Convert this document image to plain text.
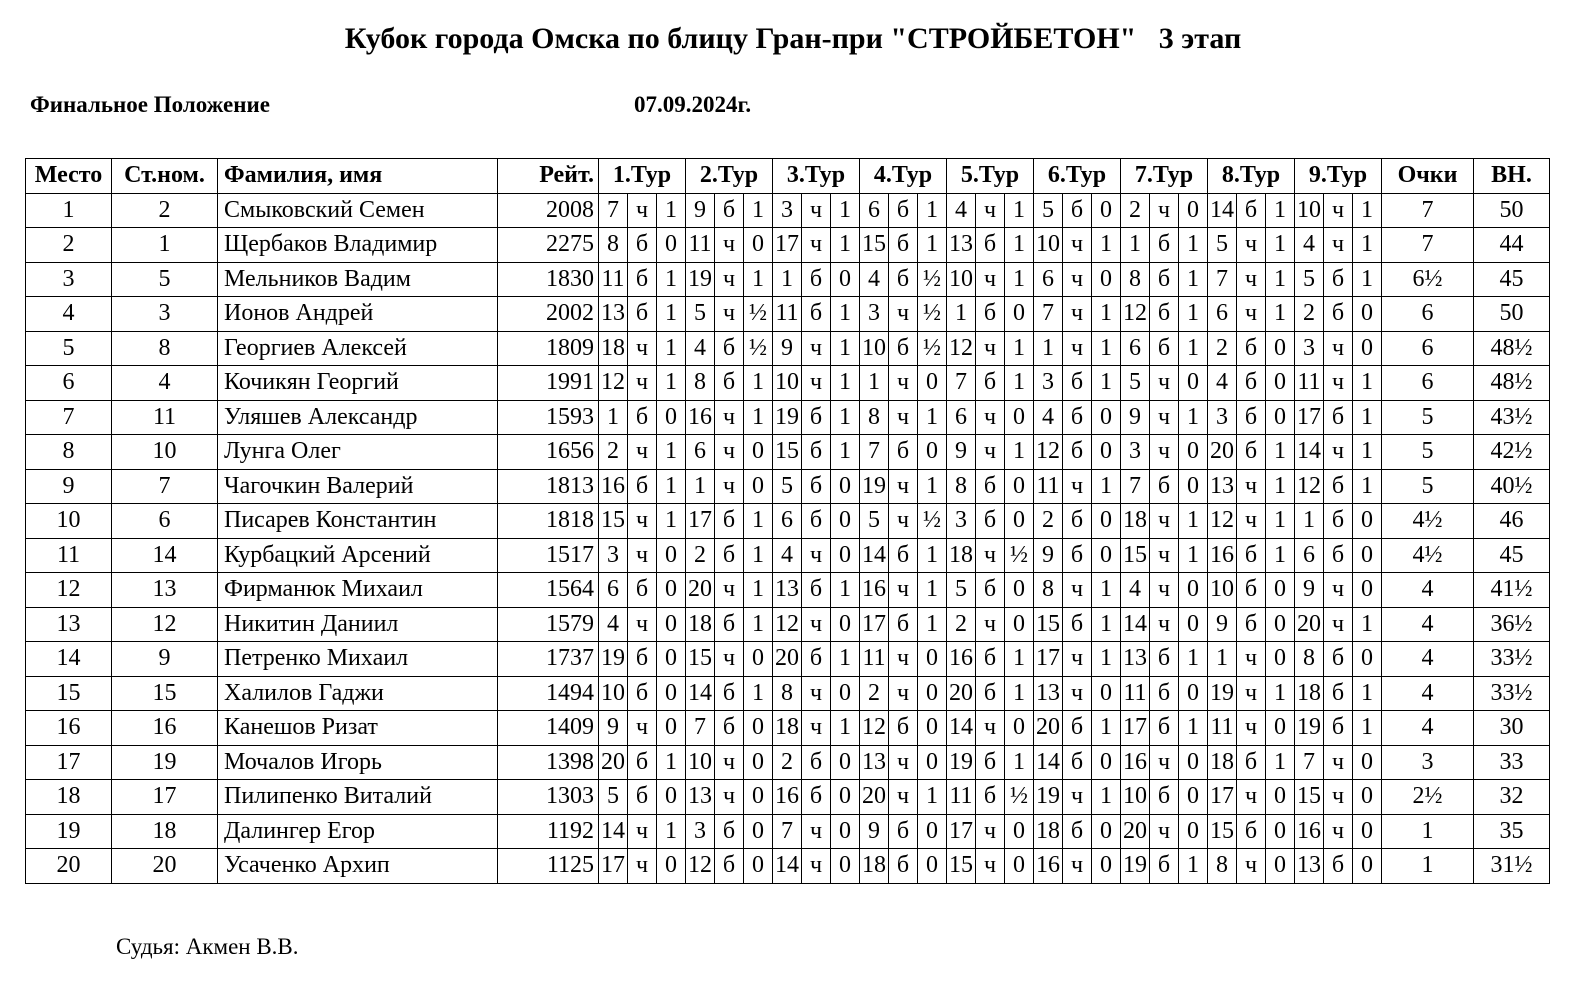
Кубок города Омска по блицу Гран-при "СТРОЙБЕТОН"   3 этап
Финальное Положение	07.09.2024г.
Место	Ст.ном.	Фамилия, имя	Рейт.	1.Тур			2.Тур			3.Тур			4.Тур			5.Тур			6.Тур			7.Тур			8.Тур			9.Тур			Очки	ВН.
1	2	Смыковский Семен	2008	7	ч	1	9	б	1	3	ч	1	6	б	1	4	ч	1	5	б	0	2	ч	0	14	б	1	10	ч	1	7	50
2	1	Щербаков Владимир	2275	8	б	0	11	ч	0	17	ч	1	15	б	1	13	б	1	10	ч	1	1	б	1	5	ч	1	4	ч	1	7	44
3	5	Мельников Вадим	1830	11	б	1	19	ч	1	1	б	0	4	б	½	10	ч	1	6	ч	0	8	б	1	7	ч	1	5	б	1	6½	45
4	3	Ионов Андрей	2002	13	б	1	5	ч	½	11	б	1	3	ч	½	1	б	0	7	ч	1	12	б	1	6	ч	1	2	б	0	6	50
5	8	Георгиев Алексей	1809	18	ч	1	4	б	½	9	ч	1	10	б	½	12	ч	1	1	ч	1	6	б	1	2	б	0	3	ч	0	6	48½
6	4	Кочикян Георгий	1991	12	ч	1	8	б	1	10	ч	1	1	ч	0	7	б	1	3	б	1	5	ч	0	4	б	0	11	ч	1	6	48½
7	11	Уляшев Александр	1593	1	б	0	16	ч	1	19	б	1	8	ч	1	6	ч	0	4	б	0	9	ч	1	3	б	0	17	б	1	5	43½
8	10	Лунга Олег	1656	2	ч	1	6	ч	0	15	б	1	7	б	0	9	ч	1	12	б	0	3	ч	0	20	б	1	14	ч	1	5	42½
9	7	Чагочкин Валерий	1813	16	б	1	1	ч	0	5	б	0	19	ч	1	8	б	0	11	ч	1	7	б	0	13	ч	1	12	б	1	5	40½
10	6	Писарев Константин	1818	15	ч	1	17	б	1	6	б	0	5	ч	½	3	б	0	2	б	0	18	ч	1	12	ч	1	1	б	0	4½	46
11	14	Курбацкий Арсений	1517	3	ч	0	2	б	1	4	ч	0	14	б	1	18	ч	½	9	б	0	15	ч	1	16	б	1	6	б	0	4½	45
12	13	Фирманюк Михаил	1564	6	б	0	20	ч	1	13	б	1	16	ч	1	5	б	0	8	ч	1	4	ч	0	10	б	0	9	ч	0	4	41½
13	12	Никитин Даниил	1579	4	ч	0	18	б	1	12	ч	0	17	б	1	2	ч	0	15	б	1	14	ч	0	9	б	0	20	ч	1	4	36½
14	9	Петренко Михаил	1737	19	б	0	15	ч	0	20	б	1	11	ч	0	16	б	1	17	ч	1	13	б	1	1	ч	0	8	б	0	4	33½
15	15	Халилов Гаджи	1494	10	б	0	14	б	1	8	ч	0	2	ч	0	20	б	1	13	ч	0	11	б	0	19	ч	1	18	б	1	4	33½
16	16	Канешов Ризат	1409	9	ч	0	7	б	0	18	ч	1	12	б	0	14	ч	0	20	б	1	17	б	1	11	ч	0	19	б	1	4	30
17	19	Мочалов Игорь	1398	20	б	1	10	ч	0	2	б	0	13	ч	0	19	б	1	14	б	0	16	ч	0	18	б	1	7	ч	0	3	33
18	17	Пилипенко Виталий	1303	5	б	0	13	ч	0	16	б	0	20	ч	1	11	б	½	19	ч	1	10	б	0	17	ч	0	15	ч	0	2½	32
19	18	Далингер Егор	1192	14	ч	1	3	б	0	7	ч	0	9	б	0	17	ч	0	18	б	0	20	ч	0	15	б	0	16	ч	0	1	35
20	20	Усаченко Архип	1125	17	ч	0	12	б	0	14	ч	0	18	б	0	15	ч	0	16	ч	0	19	б	1	8	ч	0	13	б	0	1	31½
Судья: Акмен В.В.
